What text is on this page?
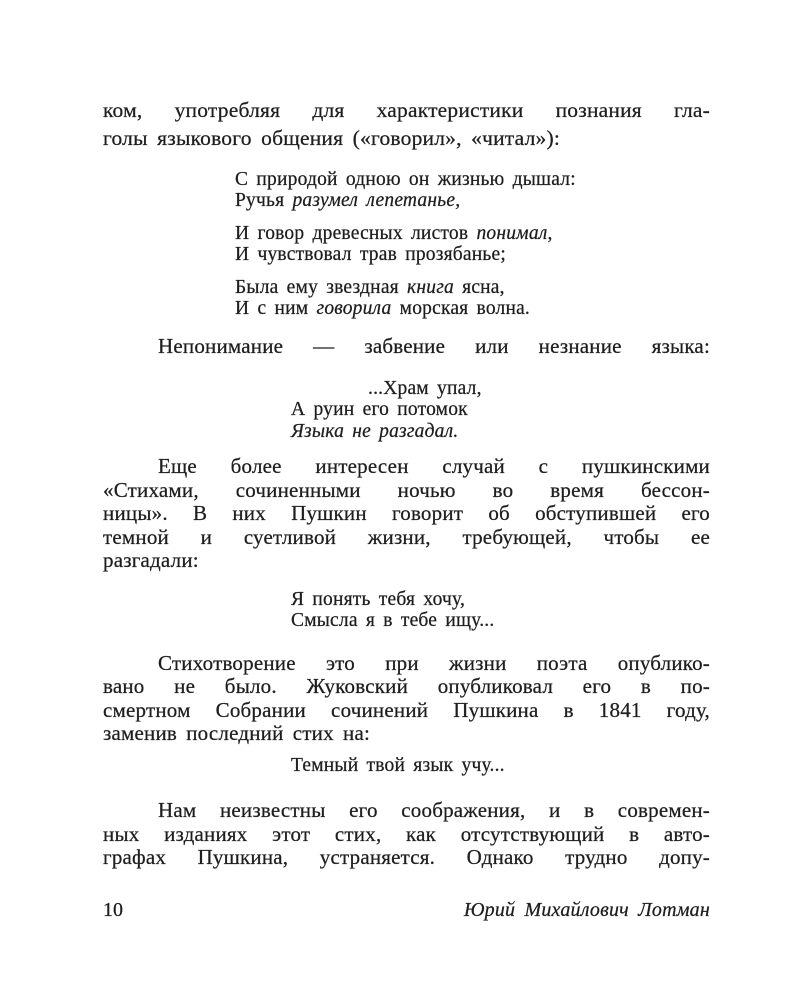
ком, употребляя для характеристики познания гла-
голы языкового общения («говорил», «читал»):

С природой одною он жизнью дышал:
Ручья разумел лепетанье,
И говор древесных листов понимал,
И чувствовал трав прозябанье;
Была ему звездная книга ясна,
И с ним говорила морская волна.

Непонимание — забвение или незнание языка:

...Храм упал,
А руин его потомок
Языка не разгадал.

Еще более интересен случай с пушкинскими
«Стихами, сочиненными ночью во время бессон-
ницы». В них Пушкин говорит об обступившей его
темной и суетливой жизни, требующей, чтобы ее
разгадали:

Я понять тебя хочу,
Смысла я в тебе ищу...

Стихотворение это при жизни поэта опублико-
вано не было. Жуковский опубликовал его в по-
смертном Собрании сочинений Пушкина в 1841 году,
заменив последний стих на:

Темный твой язык учу...

Нам неизвестны его соображения, и в современ-
ных изданиях этот стих, как отсутствующий в авто-
графах Пушкина, устраняется. Однако трудно допу-

10	Юрий Михайлович Лотман
